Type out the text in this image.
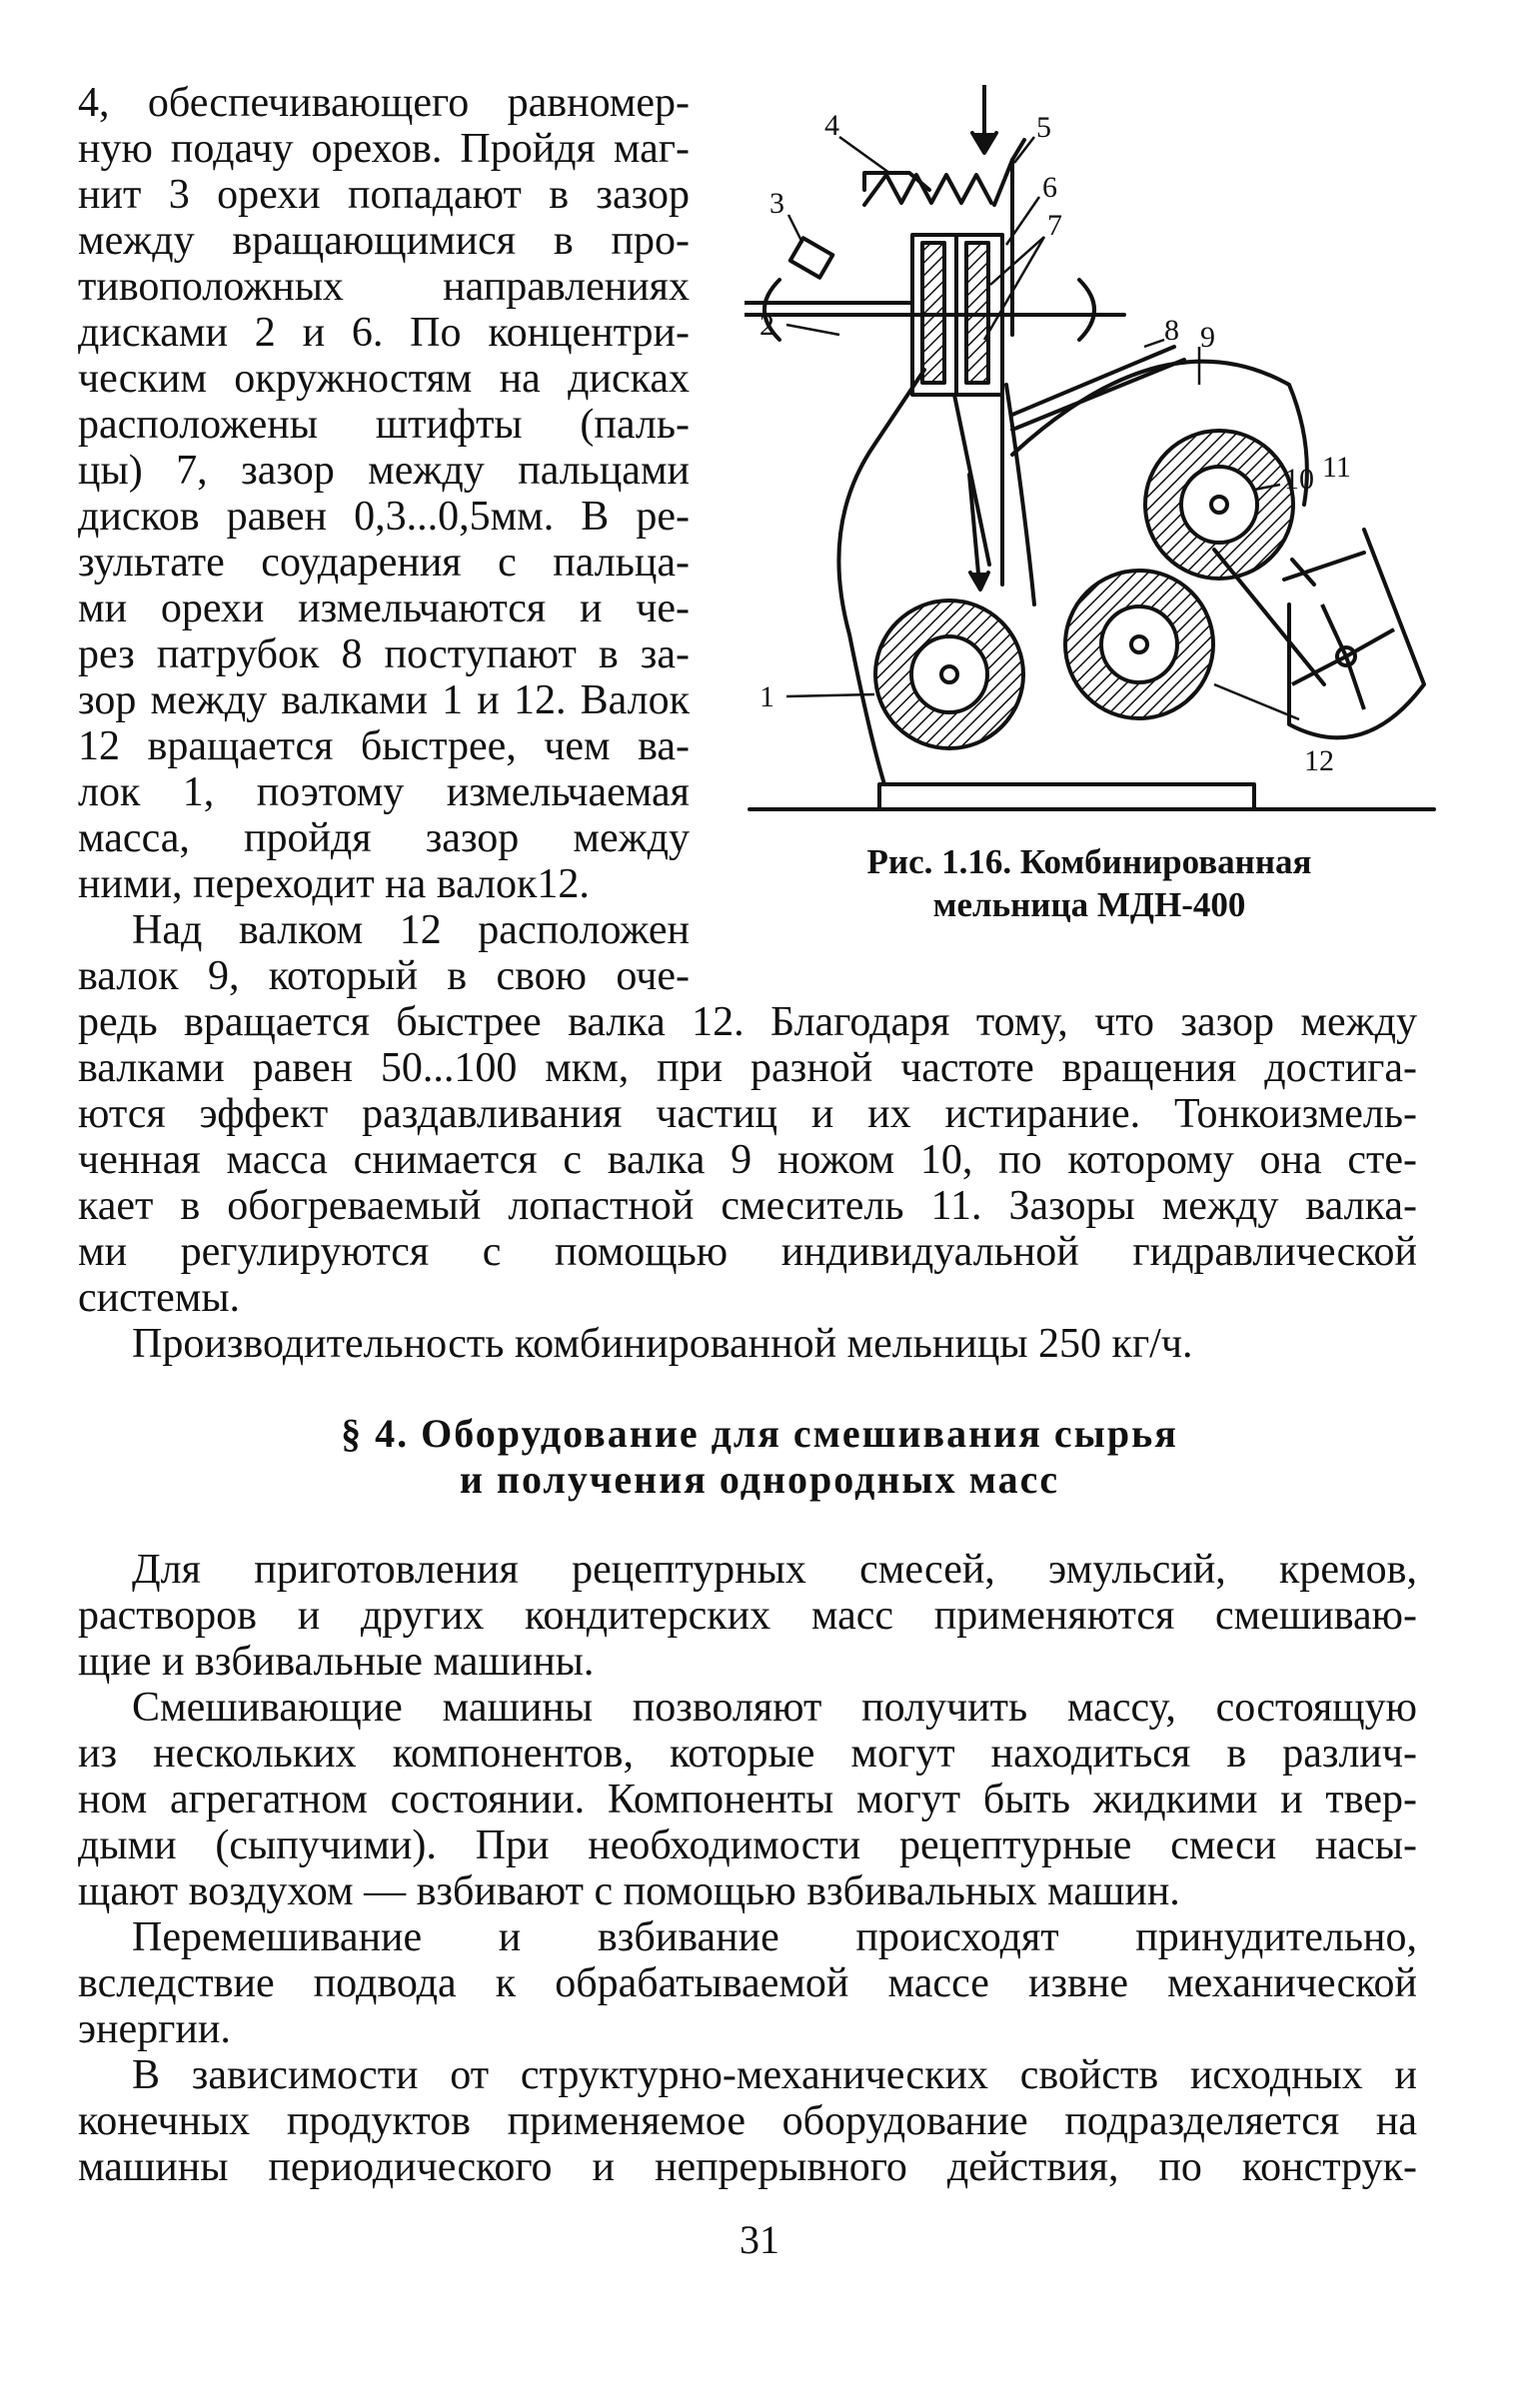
4, обеспечивающего равномер-
ную подачу орехов. Пройдя маг-
нит 3 орехи попадают в зазор
между вращающимися в про-
тивоположных направлениях
дисками 2 и 6. По концентри-
ческим окружностям на дисках
расположены штифты (паль-
цы) 7, зазор между пальцами
дисков равен 0,3...0,5мм. В ре-
зультате соударения с пальца-
ми орехи измельчаются и че-
рез патрубок 8 поступают в за-
зор между валками 1 и 12. Валок
12 вращается быстрее, чем ва-
лок 1, поэтому измельчаемая
масса, пройдя зазор между
ними, переходит на валок12.
Над валком 12 расположен
валок 9, который в свою оче-
1
2
3
4	5
6
7
8 9
10 11
12
Рис. 1.16. Комбинированная
мельница МДН-400
редь вращается быстрее валка 12. Благодаря тому, что зазор между
валками равен 50...100 мкм, при разной частоте вращения достига-
ются эффект раздавливания частиц и их истирание. Тонкоизмель-
ченная масса снимается с валка 9 ножом 10, по которому она сте-
кает в обогреваемый лопастной смеситель 11. Зазоры между валка-
ми регулируются с помощью индивидуальной гидравлической
системы.
Производительность комбинированной мельницы 250 кг/ч.
§ 4. Оборудование для смешивания сырья
и получения однородных масс
Для приготовления рецептурных смесей, эмульсий, кремов,
растворов и других кондитерских масс применяются смешиваю-
щие и взбивальные машины.
Смешивающие машины позволяют получить массу, состоящую
из нескольких компонентов, которые могут находиться в различ-
ном агрегатном состоянии. Компоненты могут быть жидкими и твер-
дыми (сыпучими). При необходимости рецептурные смеси насы-
щают воздухом — взбивают с помощью взбивальных машин.
Перемешивание и взбивание происходят принудительно,
вследствие подвода к обрабатываемой массе извне механической
энергии.
В зависимости от структурно-механических свойств исходных и
конечных продуктов применяемое оборудование подразделяется на
машины периодического и непрерывного действия, по конструк-
31
